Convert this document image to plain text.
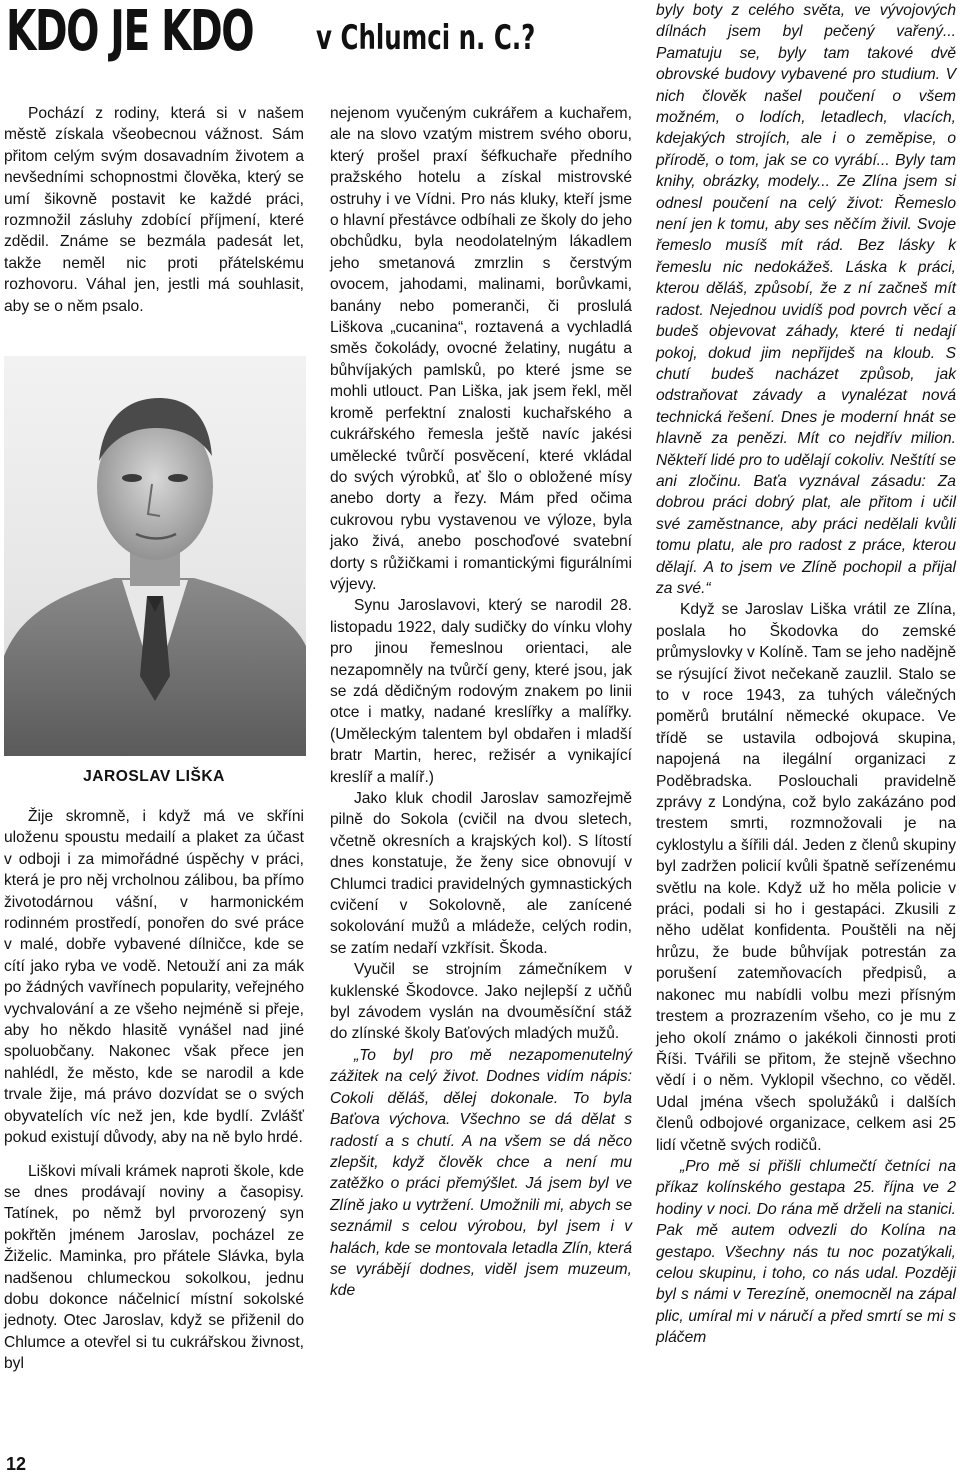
KDO JE KDO v Chlumci n. C.?

Pochází z rodiny, která si v našem městě získala všeobecnou vážnost. Sám přitom celým svým dosavadním životem a nevšedními schopnostmi člověka, který se umí šikovně postavit ke každé práci, rozmnožil zásluhy zdobící příjmení, které zdědil. Známe se bezmála padesát let, takže neměl nic proti přátelskému rozhovoru. Váhal jen, jestli má souhlasit, aby se o něm psalo.

JAROSLAV LIŠKA

Žije skromně, i když má ve skříni uloženu spoustu medailí a plaket za účast v odboji i za mimořádné úspěchy v práci, která je pro něj vrcholnou zálibou, ba přímo životodárnou vášní, v harmonickém rodinném prostředí, ponořen do své práce v malé, dobře vybavené dílničce, kde se cítí jako ryba ve vodě. Netouží ani za mák po žádných vavřínech popularity, veřejného vychvalování a ze všeho nejméně si přeje, aby ho někdo hlasitě vynášel nad jiné spoluobčany. Nakonec však přece jen nahlédl, že město, kde se narodil a kde trvale žije, má právo dozvídat se o svých obyvatelích víc než jen, kde bydlí. Zvlášť pokud existují důvody, aby na ně bylo hrdé.

Liškovi mívali krámek naproti škole, kde se dnes prodávají noviny a časopisy. Tatínek, po němž byl prvorozený syn pokřtěn jménem Jaroslav, pocházel ze Žiželic. Maminka, pro přátele Slávka, byla nadšenou chlumeckou sokolkou, jednu dobu dokonce náčelnicí místní sokolské jednoty. Otec Jaroslav, když se přiženil do Chlumce a otevřel si tu cukrářskou živnost, byl

nejenom vyučeným cukrářem a kuchařem, ale na slovo vzatým mistrem svého oboru, který prošel praxí šéfkuchaře předního pražského hotelu a získal mistrovské ostruhy i ve Vídni. Pro nás kluky, kteří jsme o hlavní přestávce odbíhali ze školy do jeho obchůdku, byla neodolatelným lákadlem jeho smetanová zmrzlin s čerstvým ovocem, jahodami, malinami, borůvkami, banány nebo pomeranči, či proslulá Liškova „cucanina“, roztavená a vychladlá směs čokolády, ovocné želatiny, nugátu a bůhvíjakých pamlsků, po které jsme se mohli utlouct. Pan Liška, jak jsem řekl, měl kromě perfektní znalosti kuchařského a cukrářského řemesla ještě navíc jakési umělecké tvůrčí posvěcení, které vkládal do svých výrobků, ať šlo o obložené mísy anebo dorty a řezy. Mám před očima cukrovou rybu vystavenou ve výloze, byla jako živá, anebo poschoďové svatební dorty s růžičkami i romantickými figurálními výjevy.

Synu Jaroslavovi, který se narodil 28. listopadu 1922, daly sudičky do vínku vlohy pro jinou řemeslnou orientaci, ale nezapomněly na tvůrčí geny, které jsou, jak se zdá dědičným rodovým znakem po linii otce i matky, nadané kreslířky a malířky. (Uměleckým talentem byl obdařen i mladší bratr Martin, herec, režisér a vynikající kreslíř a malíř.)

Jako kluk chodil Jaroslav samozřejmě pilně do Sokola (cvičil na dvou sletech, včetně okresních a krajských kol). S lítostí dnes konstatuje, že ženy sice obnovují v Chlumci tradici pravidelných gymnastických cvičení v Sokolovně, ale zanícené sokolování mužů a mládeže, celých rodin, se zatím nedaří vzkřísit. Škoda.

Vyučil se strojním zámečníkem v kuklenské Škodovce. Jako nejlepší z učňů byl závodem vyslán na dvouměsíční stáž do zlínské školy Baťových mladých mužů.

„To byl pro mě nezapomenutelný zážitek na celý život. Dodnes vidím nápis: Cokoli děláš, dělej dokonale. To byla Baťova výchova. Všechno se dá dělat s radostí a s chutí. A na všem se dá něco zlepšit, když člověk chce a není mu zatěžko o práci přemýšlet. Já jsem byl ve Zlíně jako u vytržení. Umožnili mi, abych se seznámil s celou výrobou, byl jsem i v halách, kde se montovala letadla Zlín, která se vyrábějí dodnes, viděl jsem muzeum, kde

byly boty z celého světa, ve vývojových dílnách jsem byl pečený vařený... Pamatuju se, byly tam takové dvě obrovské budovy vybavené pro studium. V nich člověk našel poučení o všem možném, o lodích, letadlech, vlacích, kdejakých strojích, ale i o zeměpise, o přírodě, o tom, jak se co vyrábí... Byly tam knihy, obrázky, modely... Ze Zlína jsem si odnesl poučení na celý život: Řemeslo není jen k tomu, aby ses něčím živil. Svoje řemeslo musíš mít rád. Bez lásky k řemeslu nic nedokážeš. Láska k práci, kterou děláš, způsobí, že z ní začneš mít radost. Nejednou uvidíš pod povrch věcí a budeš objevovat záhady, které ti nedají pokoj, dokud jim nepřijdeš na kloub. S chutí budeš nacházet způsob, jak odstraňovat závady a vynalézat nová technická řešení. Dnes je moderní hnát se hlavně za penězi. Mít co nejdřív milion. Někteří lidé pro to udělají cokoliv. Neštítí se ani zločinu. Baťa vyznával zásadu: Za dobrou práci dobrý plat, ale přitom i učil své zaměstnance, aby práci nedělali kvůli tomu platu, ale pro radost z práce, kterou dělají. A to jsem ve Zlíně pochopil a přijal za své.“

Když se Jaroslav Liška vrátil ze Zlína, poslala ho Škodovka do zemské průmyslovky v Kolíně. Tam se jeho nadějně se rýsující život nečekaně zauzlil. Stalo se to v roce 1943, za tuhých válečných poměrů brutální německé okupace. Ve třídě se ustavila odbojová skupina, napojená na ilegální organizaci z Poděbradska. Poslouchali pravidelně zprávy z Londýna, což bylo zakázáno pod trestem smrti, rozmnožovali je na cyklostylu a šířili dál. Jeden z členů skupiny byl zadržen policií kvůli špatně seřízenému světlu na kole. Když už ho měla policie v práci, podali si ho i gestapáci. Zkusili z něho udělat konfidenta. Pouštěli na něj hrůzu, že bude bůhvíjak potrestán za porušení zatemňovacích předpisů, a nakonec mu nabídli volbu mezi přísným trestem a prozrazením všeho, co je mu z jeho okolí známo o jakékoli činnosti proti Říši. Tvářili se přitom, že stejně všechno vědí i o něm. Vyklopil všechno, co věděl. Udal jména všech spolužáků i dalších členů odbojové organizace, celkem asi 25 lidí včetně svých rodičů.

„Pro mě si přišli chlumečtí četníci na příkaz kolínského gestapa 25. října ve 2 hodiny v noci. Do rána mě drželi na stanici. Pak mě autem odvezli do Kolína na gestapo. Všechny nás tu noc pozatýkali, celou skupinu, i toho, co nás udal. Později byl s námi v Terezíně, onemocněl na zápal plic, umíral mi v náručí a před smrtí se mi s pláčem

12
